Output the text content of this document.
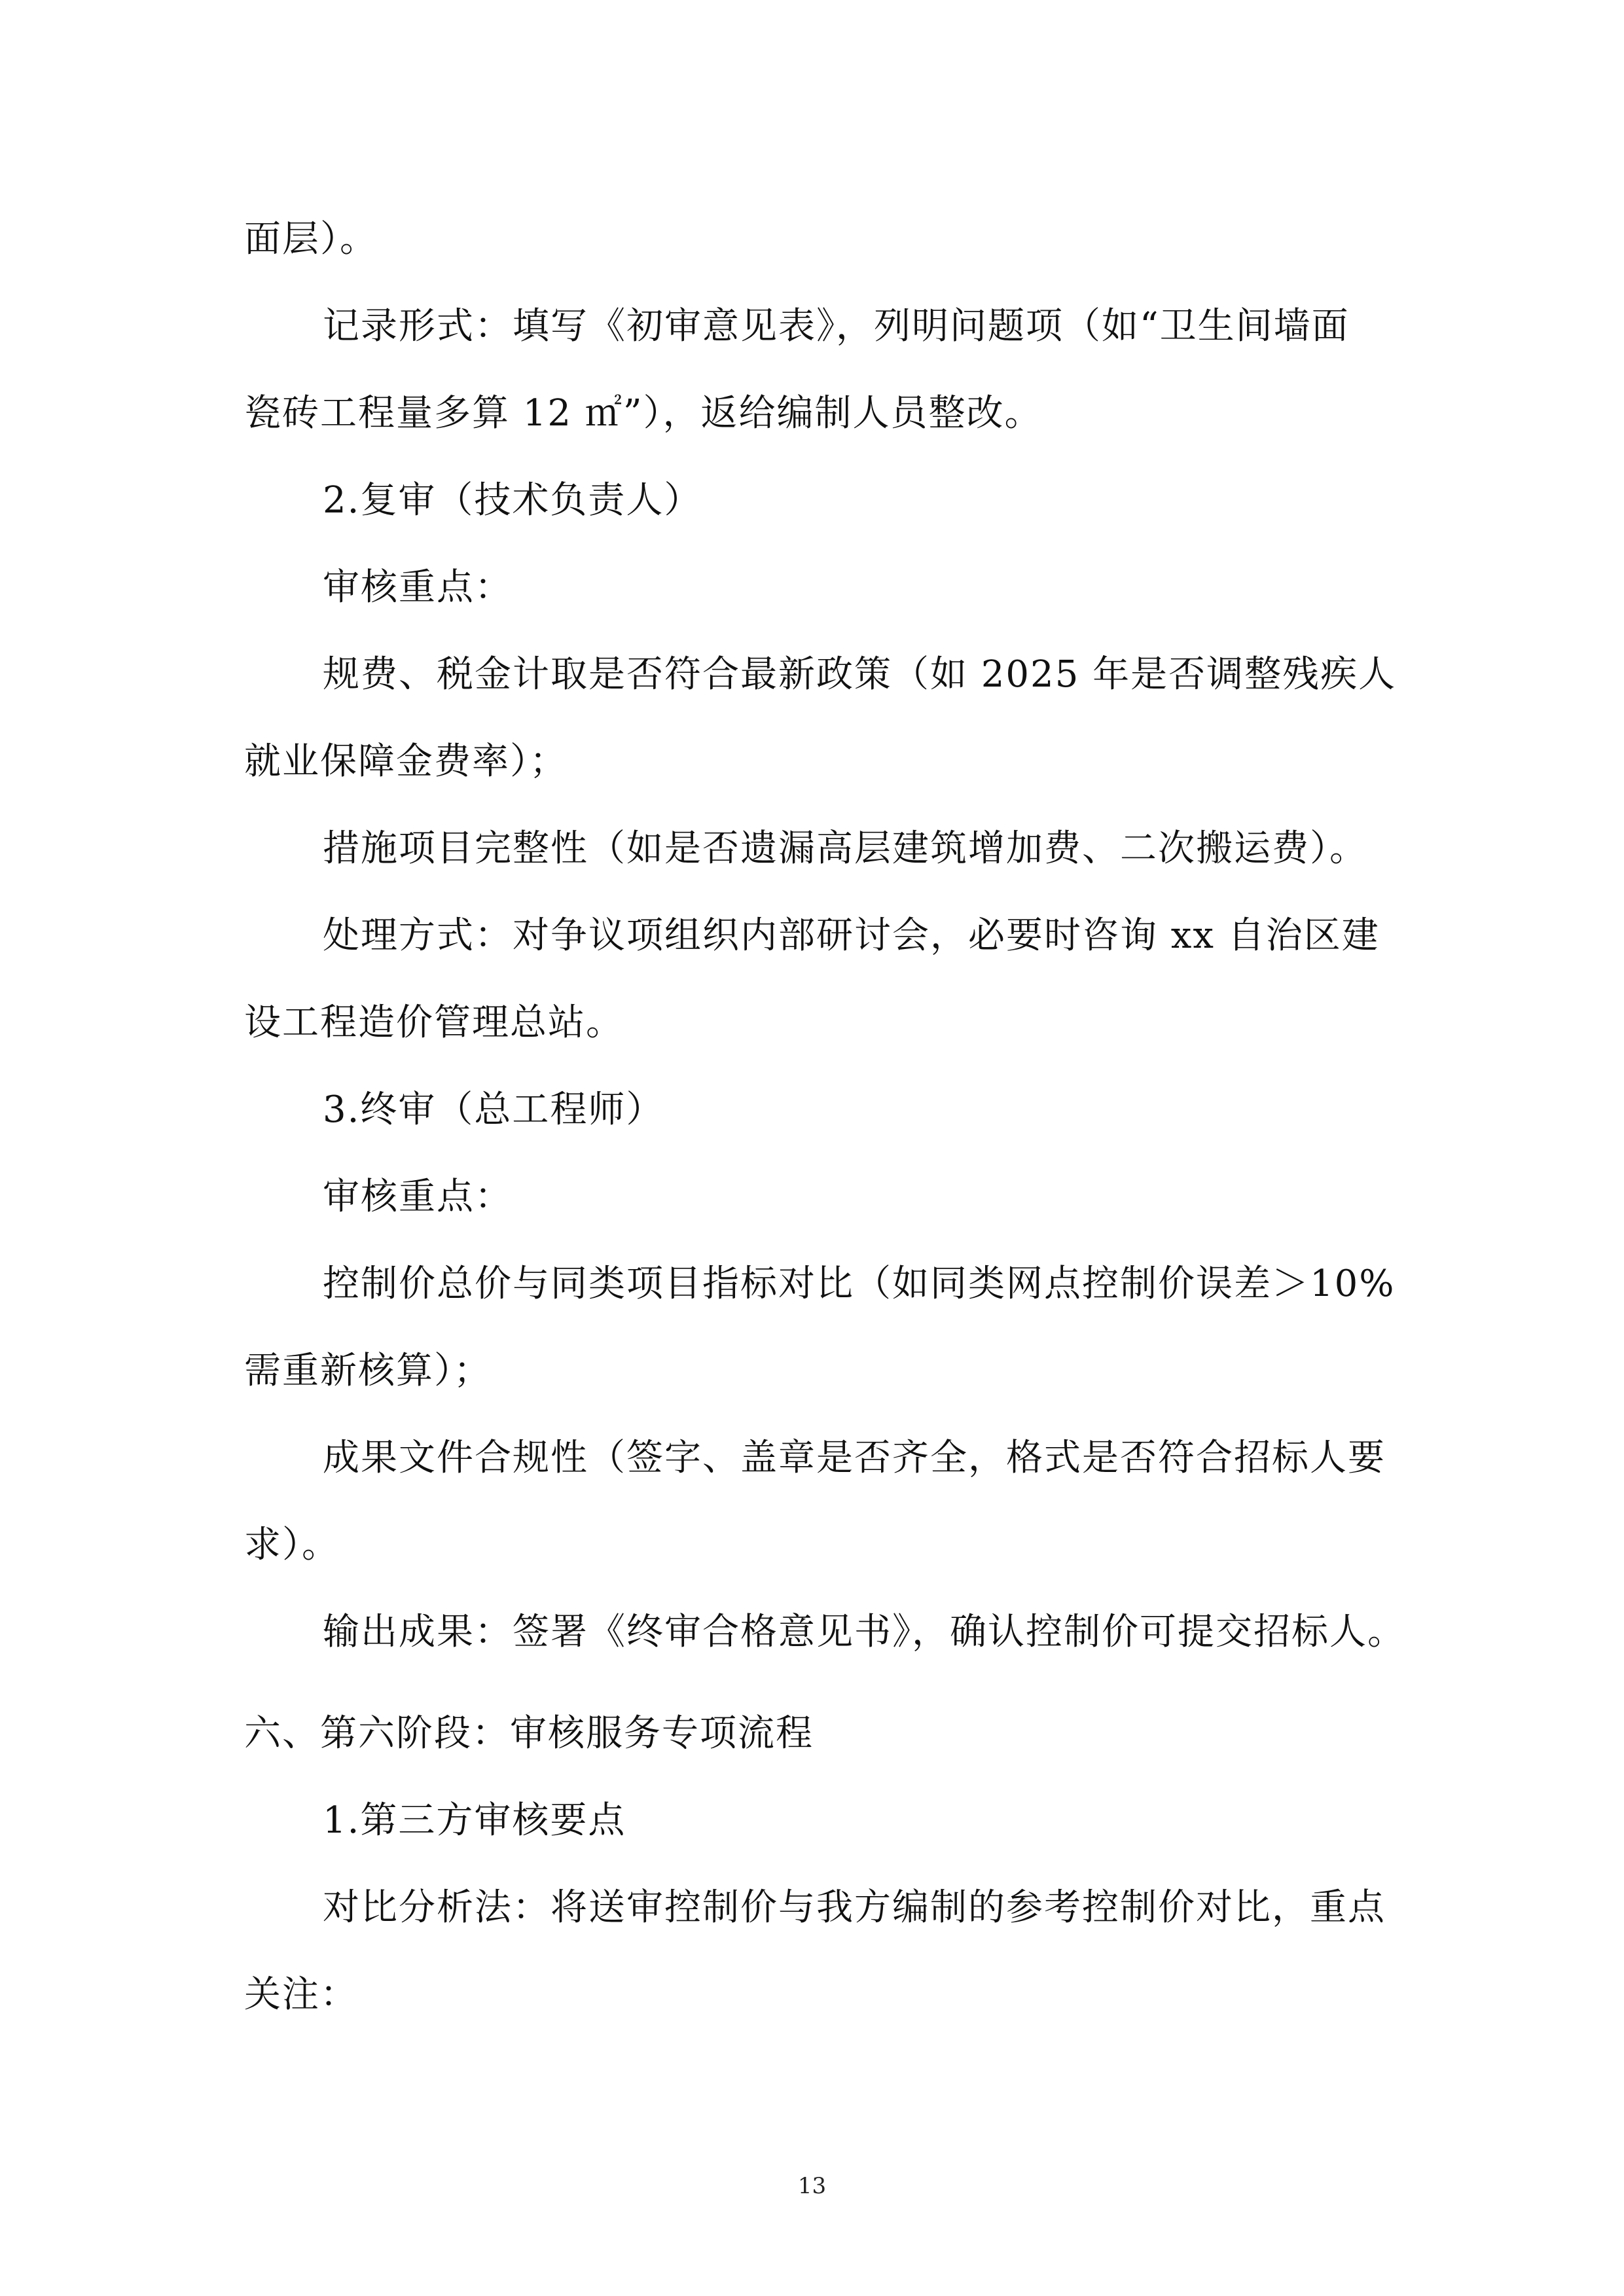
面层）。
记录形式：填写《初审意见表》，列明问题项（如“卫生间墙面
瓷砖工程量多算 12 ㎡”），返给编制人员整改。
2.复审（技术负责人）
审核重点：
规费、税金计取是否符合最新政策（如 2025 年是否调整残疾人
就业保障金费率）；
措施项目完整性（如是否遗漏高层建筑增加费、二次搬运费）。
处理方式：对争议项组织内部研讨会，必要时咨询 xx 自治区建
设工程造价管理总站。
3.终审（总工程师）
审核重点：
控制价总价与同类项目指标对比（如同类网点控制价误差＞10%
需重新核算）；
成果文件合规性（签字、盖章是否齐全，格式是否符合招标人要
求）。
输出成果：签署《终审合格意见书》，确认控制价可提交招标人。
六、第六阶段：审核服务专项流程
1.第三方审核要点
对比分析法：将送审控制价与我方编制的参考控制价对比，重点
关注：
13
